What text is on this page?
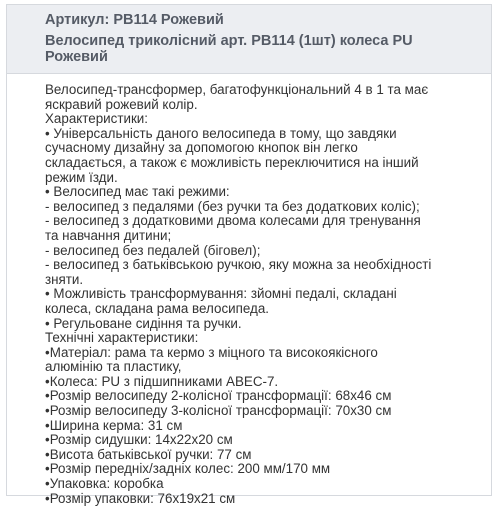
Артикул: PB114 Рожевий
Велосипед триколісний арт. PB114 (1шт) колеса PU
Рожевий
Велосипед-трансформер, багатофункціональний 4 в 1 та має
яскравий рожевий колір.
Характеристики:
• Універсальність даного велосипеда в тому, що завдяки
сучасному дизайну за допомогою кнопок він легко
складається, а також є можливість переключитися на інший
режим їзди.
• Велосипед має такі режими:
- велосипед з педалями (без ручки та без додаткових коліс);
- велосипед з додатковими двома колесами для тренування
та навчання дитини;
- велосипед без педалей (біговел);
- велосипед з батьківською ручкою, яку можна за необхідності
зняти.
• Можливість трансформування: зйомні педалі, складані
колеса, складана рама велосипеда.
• Регульоване сидіння та ручки.
Технічні характеристики:
•Матеріал: рама та кермо з міцного та високоякісного
алюмінію та пластику,
•Колеса: PU з підшипниками ABEC-7.
•Розмір велосипеду 2-колісної трансформації: 68х46 см
•Розмір велосипеду 3-колісної трансформації: 70х30 см
•Ширина керма: 31 см
•Розмір сидушки: 14х22х20 см
•Висота батьківської ручки: 77 см
•Розмір передніх/задніх колес: 200 мм/170 мм
•Упаковка: коробка
•Розмір упаковки: 76х19х21 см
